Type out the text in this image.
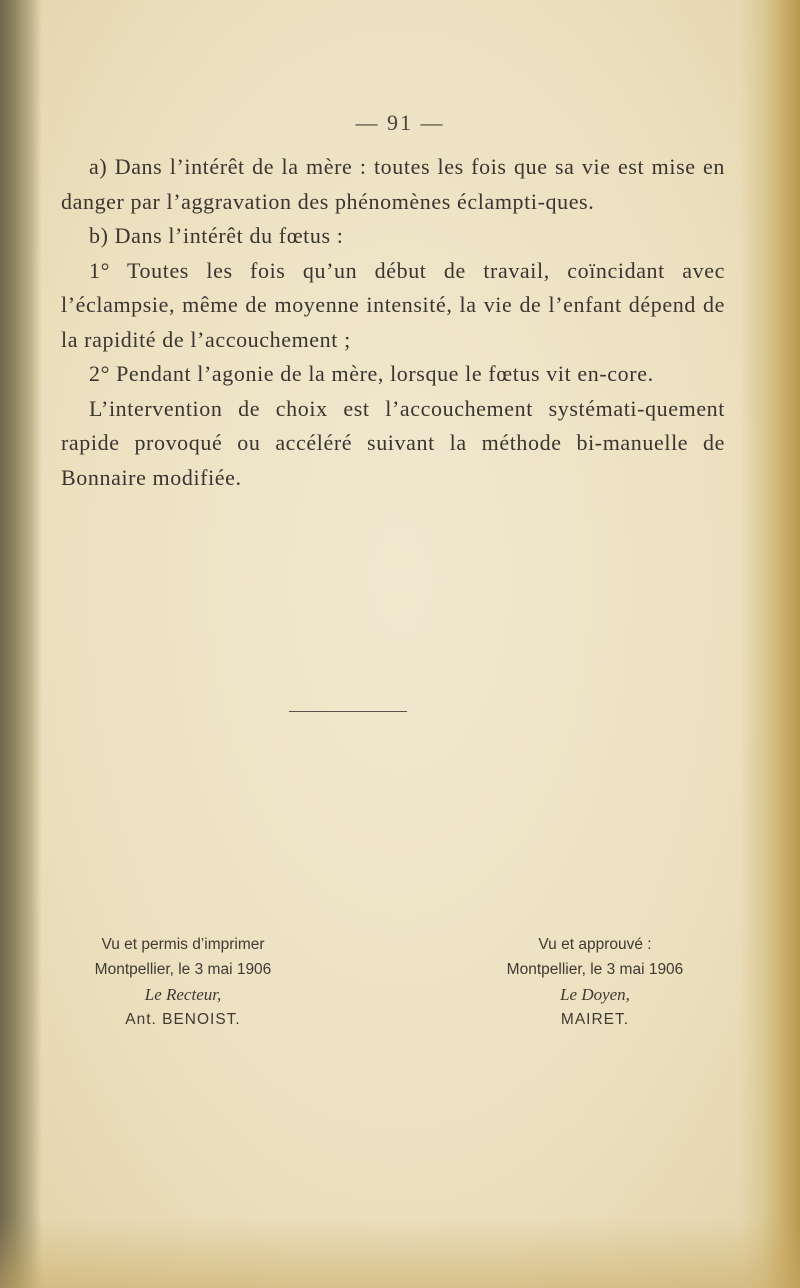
— 91 —

a) Dans l’intérêt de la mère : toutes les fois que sa vie est mise en danger par l’aggravation des phénomènes éclampti-ques.

b) Dans l’intérêt du fœtus :

1° Toutes les fois qu’un début de travail, coïncidant avec l’éclampsie, même de moyenne intensité, la vie de l’enfant dépend de la rapidité de l’accouchement ;

2° Pendant l’agonie de la mère, lorsque le fœtus vit en-core.

L’intervention de choix est l’accouchement systémati-quement rapide provoqué ou accéléré suivant la méthode bi-manuelle de Bonnaire modifiée.

Vu et permis d’imprimer
Montpellier, le 3 mai 1906
Le Recteur,
Ant. BENOIST.
Vu et approuvé :
Montpellier, le 3 mai 1906
Le Doyen,
MAIRET.
